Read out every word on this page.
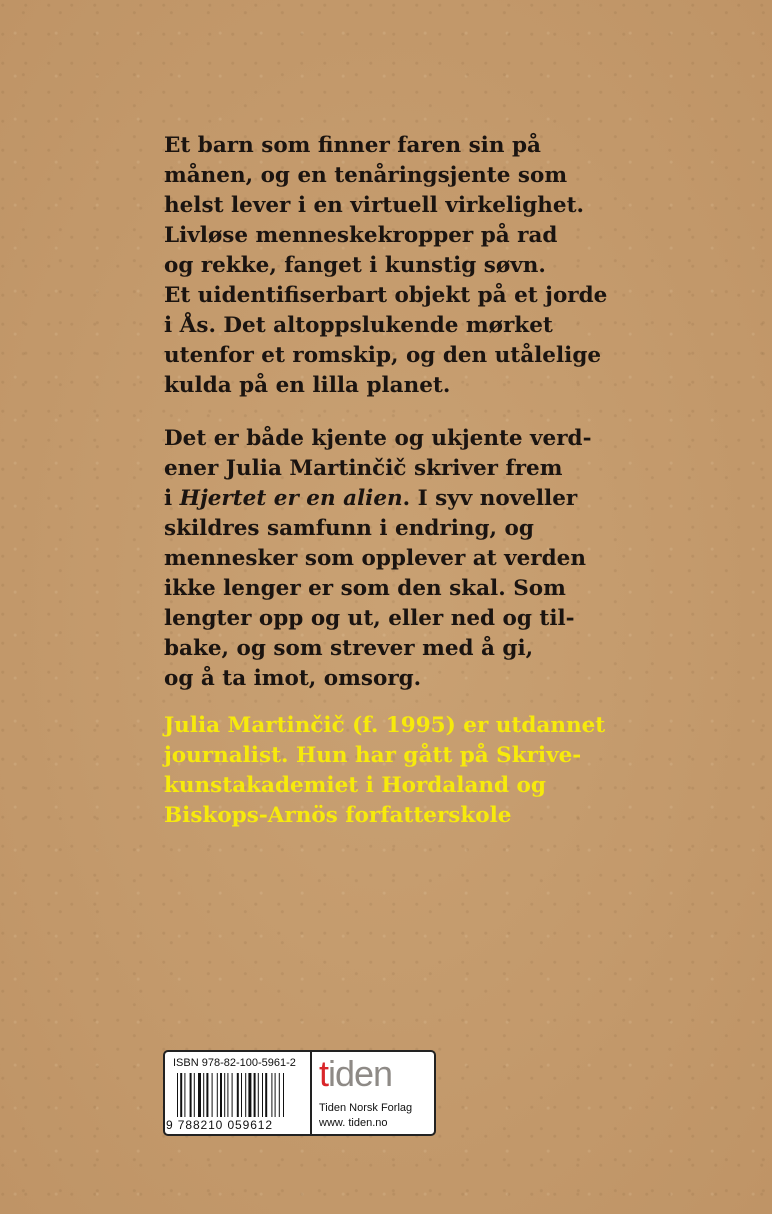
Et barn som finner faren sin på
månen, og en tenåringsjente som
helst lever i en virtuell virkelighet.
Livløse menneskekropper på rad
og rekke, fanget i kunstig søvn.
Et uidentifiserbart objekt på et jorde
i Ås. Det altoppslukende mørket
utenfor et romskip, og den utålelige
kulda på en lilla planet.
Det er både kjente og ukjente verd-
ener Julia Martinčič skriver frem
i Hjertet er en alien. I syv noveller
skildres samfunn i endring, og
mennesker som opplever at verden
ikke lenger er som den skal. Som
lengter opp og ut, eller ned og til-
bake, og som strever med å gi,
og å ta imot, omsorg.
Julia Martinčič (f. 1995) er utdannet
journalist. Hun har gått på Skrive-
kunstakademiet i Hordaland og
Biskops-Arnös forfatterskole
ISBN 978-82-100-5961-2
9 788210 059612
tiden
Tiden Norsk Forlag
www. tiden.no
